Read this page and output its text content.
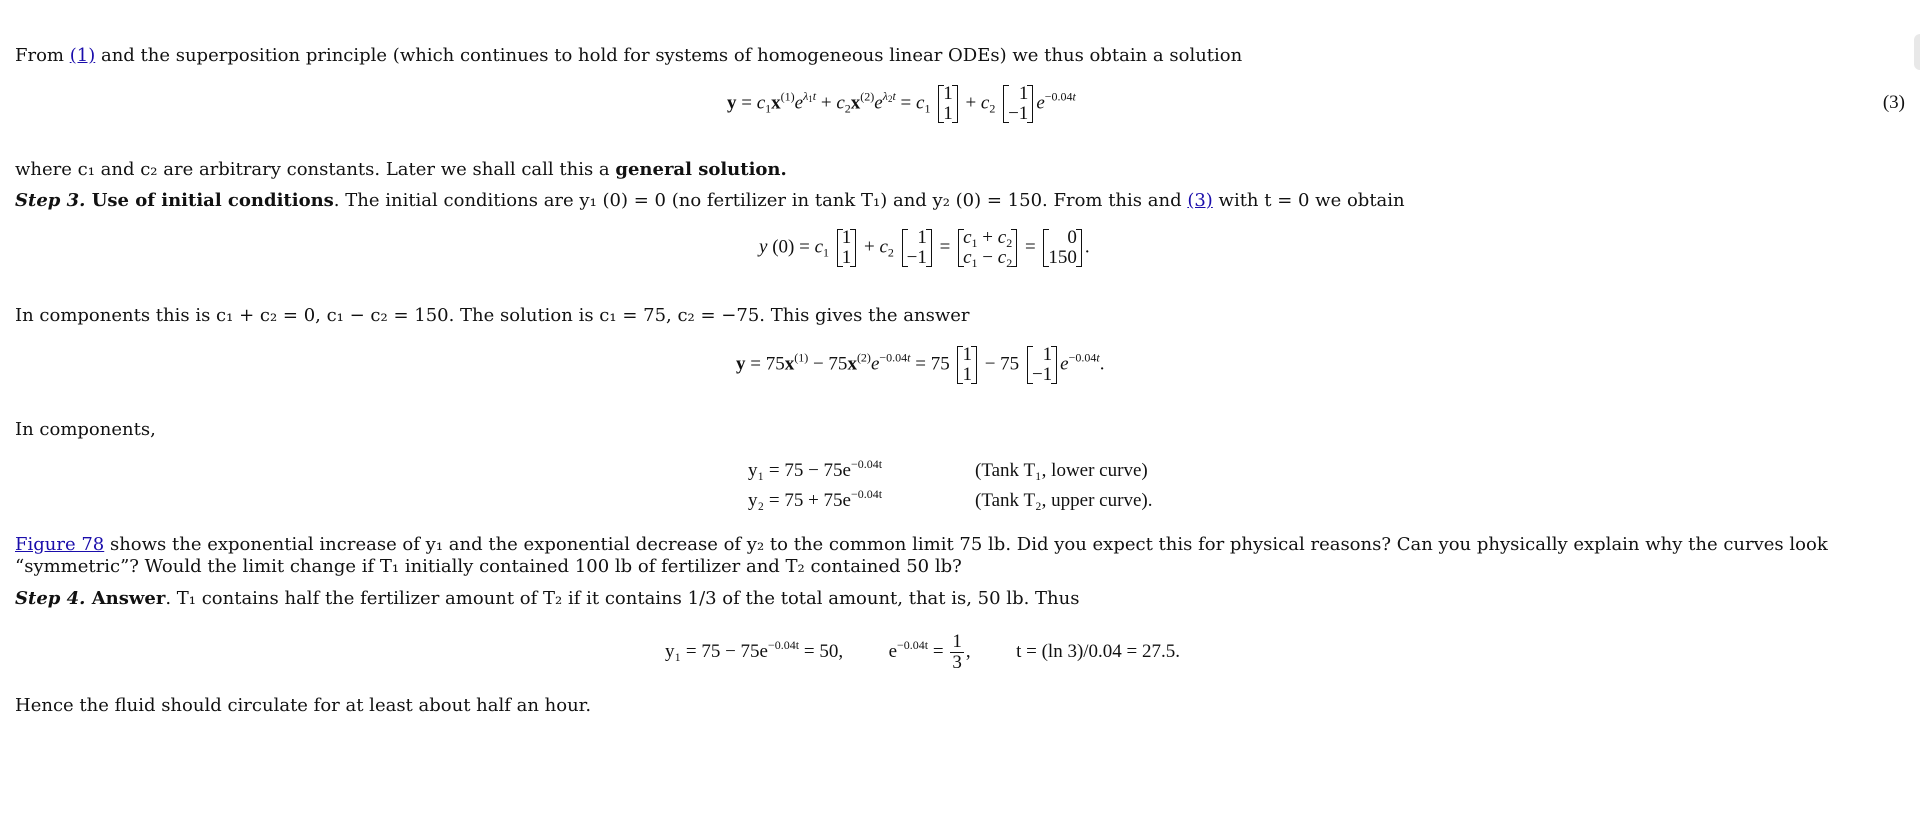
From (1) and the superposition principle (which continues to hold for systems of homogeneous linear ODEs) we thus obtain a solution
$y = c_1x^{(1)}e^{\lambda_1t} + c_2x^{(2)}e^{\lambda_2t} = c_1$
1
1
+ $c_2$
1
−1
$e^{-0.04t}$	(3)
where c₁ and c₂ are arbitrary constants. Later we shall call this a general solution.
Step 3. Use of initial conditions. The initial conditions are y₁ (0) = 0 (no fertilizer in tank T₁) and y₂ (0) = 150. From this and (3) with t = 0 we obtain
y $(0) = c_1$
1
1
+ $c_2$
1
−1
= $c_1 + c_2$
$c_1 - c_2$
=	0
150
.
In components this is c₁ + c₂ = 0, c₁ − c₂ = 150. The solution is c₁ = 75, c₂ = −75. This gives the answer
$y = 75x^{(1)} - 75x^{(2)}e^{-0.04t} = 75$ 1
1
− 75 1
−1
$e^{-0.04t}$.
In components,
$y_1 = 75 - 75e^{-0.04t}$	(Tank T₁, lower curve)
$y_2 = 75 + 75e^{-0.04t}$	(Tank T₂, upper curve).
Figure 78 shows the exponential increase of y₁ and the exponential decrease of y₂ to the common limit 75 lb. Did you expect this for physical reasons? Can you physically explain why the curves look “symmetric”? Would the limit change if T₁ initially contained 100 lb of fertilizer and T₂ contained 50 lb?
Step 4. Answer. T₁ contains half the fertilizer amount of T₂ if it contains 1/3 of the total amount, that is, 50 lb. Thus
$y_1 = 75 - 75e^{-0.04t} = 50$, $e^{-0.04t} = \frac{1}{3}$ , t = (ln 3)/0.04 = 27.5.
Hence the fluid should circulate for at least about half an hour.
